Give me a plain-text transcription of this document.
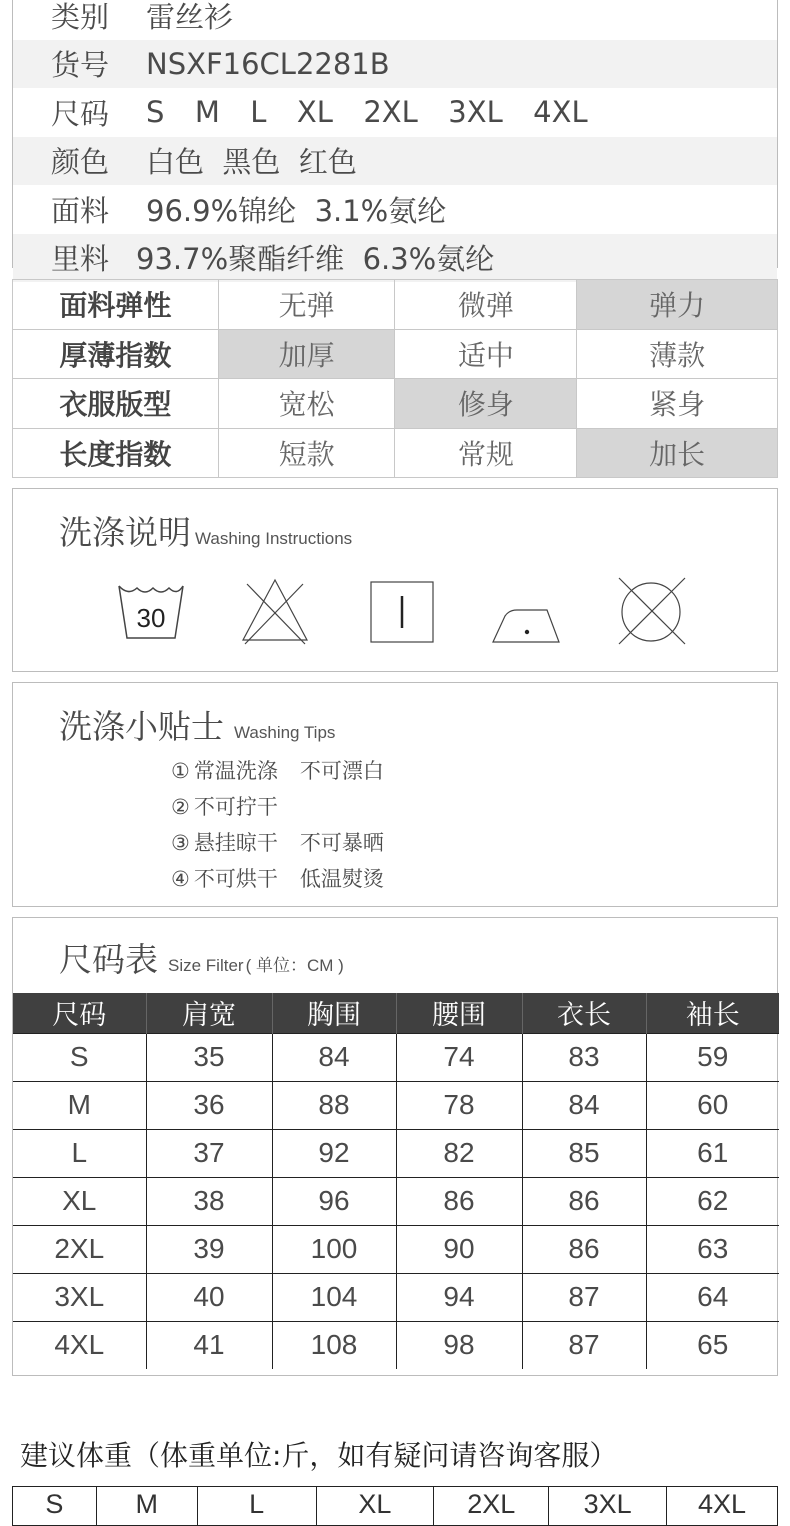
类别	雷丝衫
货号	NSXF16CL2281B
尺码	S  M  L  XL  2XL  3XL  4XL
颜色	白色  黑色  红色
面料	96.9%锦纶  3.1%氨纶
里料 93.7%聚酯纤维  6.3%氨纶
面料弹性	无弹	微弹	弹力
厚薄指数	加厚	适中	薄款
衣服版型	宽松	修身	紧身
长度指数	短款	常规	加长
洗涤说明 Washing Instructions
30
洗涤小贴士 Washing Tips
① 常温洗涤 不可漂白
② 不可拧干
③ 悬挂晾干 不可暴晒
④ 不可烘干 低温熨烫
尺码表 Size Filter ( 单位：CM )
尺码	肩宽	胸围	腰围	衣长	袖长
S	35	84	74	83	59
M	36	88	78	84	60
L	37	92	82	85	61
XL	38	96	86	86	62
2XL	39	100	90	86	63
3XL	40	104	94	87	64
4XL	41	108	98	87	65
建议体重（体重单位:斤，如有疑问请咨询客服）
S	M	L	XL	2XL	3XL	4XL
